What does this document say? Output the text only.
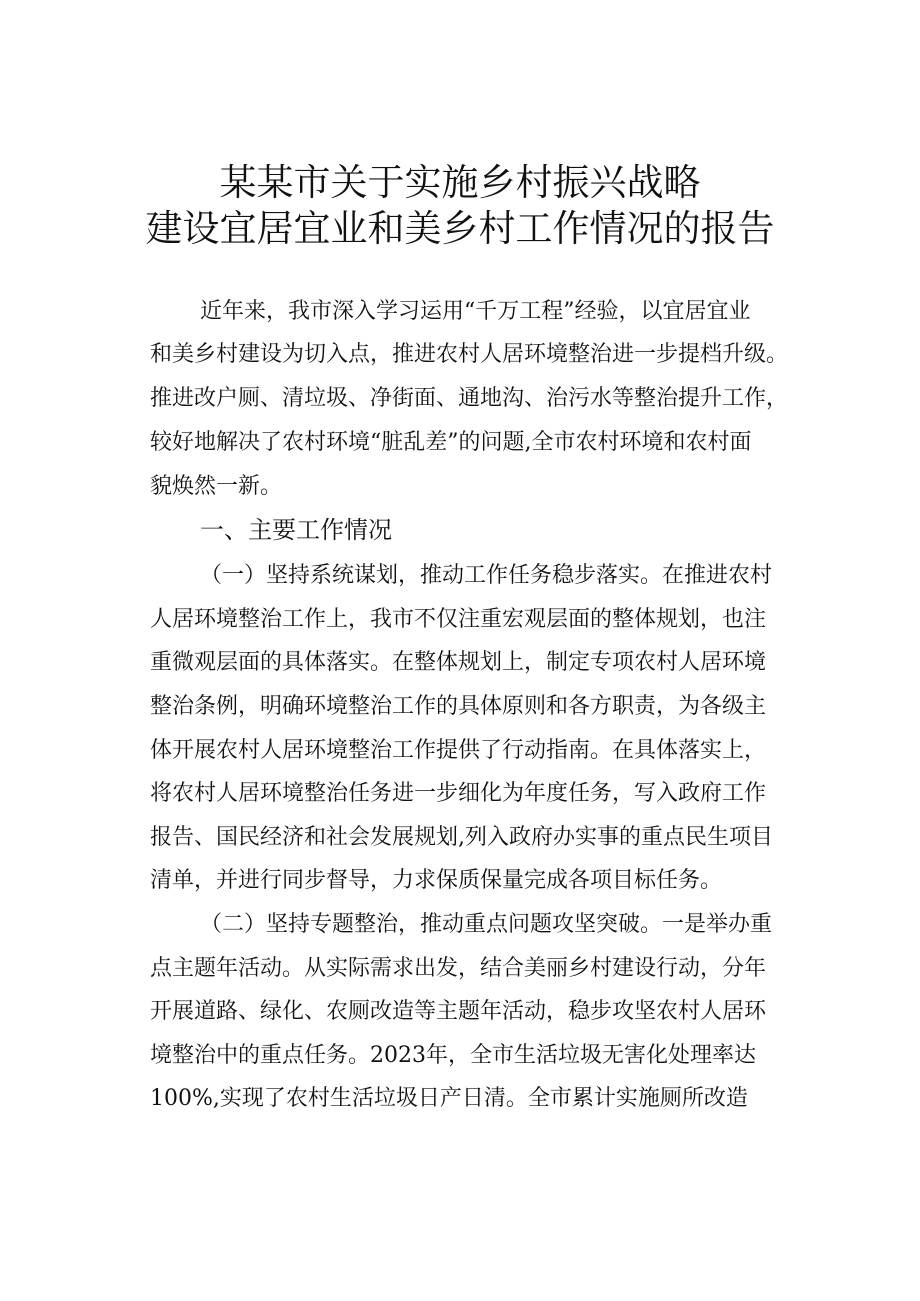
某某市关于实施乡村振兴战略
建设宜居宜业和美乡村工作情况的报告
近年来，我市深入学习运用“千万工程”经验，以宜居宜业
和美乡村建设为切入点，推进农村人居环境整治进一步提档升级。
推进改户厕、清垃圾、净街面、通地沟、治污水等整治提升工作，
较好地解决了农村环境“脏乱差”的问题,全市农村环境和农村面
貌焕然一新。
一、主要工作情况
（一）坚持系统谋划，推动工作任务稳步落实。在推进农村
人居环境整治工作上，我市不仅注重宏观层面的整体规划，也注
重微观层面的具体落实。在整体规划上，制定专项农村人居环境
整治条例，明确环境整治工作的具体原则和各方职责，为各级主
体开展农村人居环境整治工作提供了行动指南。在具体落实上，
将农村人居环境整治任务进一步细化为年度任务，写入政府工作
报告、国民经济和社会发展规划,列入政府办实事的重点民生项目
清单，并进行同步督导，力求保质保量完成各项目标任务。
（二）坚持专题整治，推动重点问题攻坚突破。一是举办重
点主题年活动。从实际需求出发，结合美丽乡村建设行动，分年
开展道路、绿化、农厕改造等主题年活动，稳步攻坚农村人居环
境整治中的重点任务。2023年，全市生活垃圾无害化处理率达
100%,实现了农村生活垃圾日产日清。全市累计实施厕所改造
